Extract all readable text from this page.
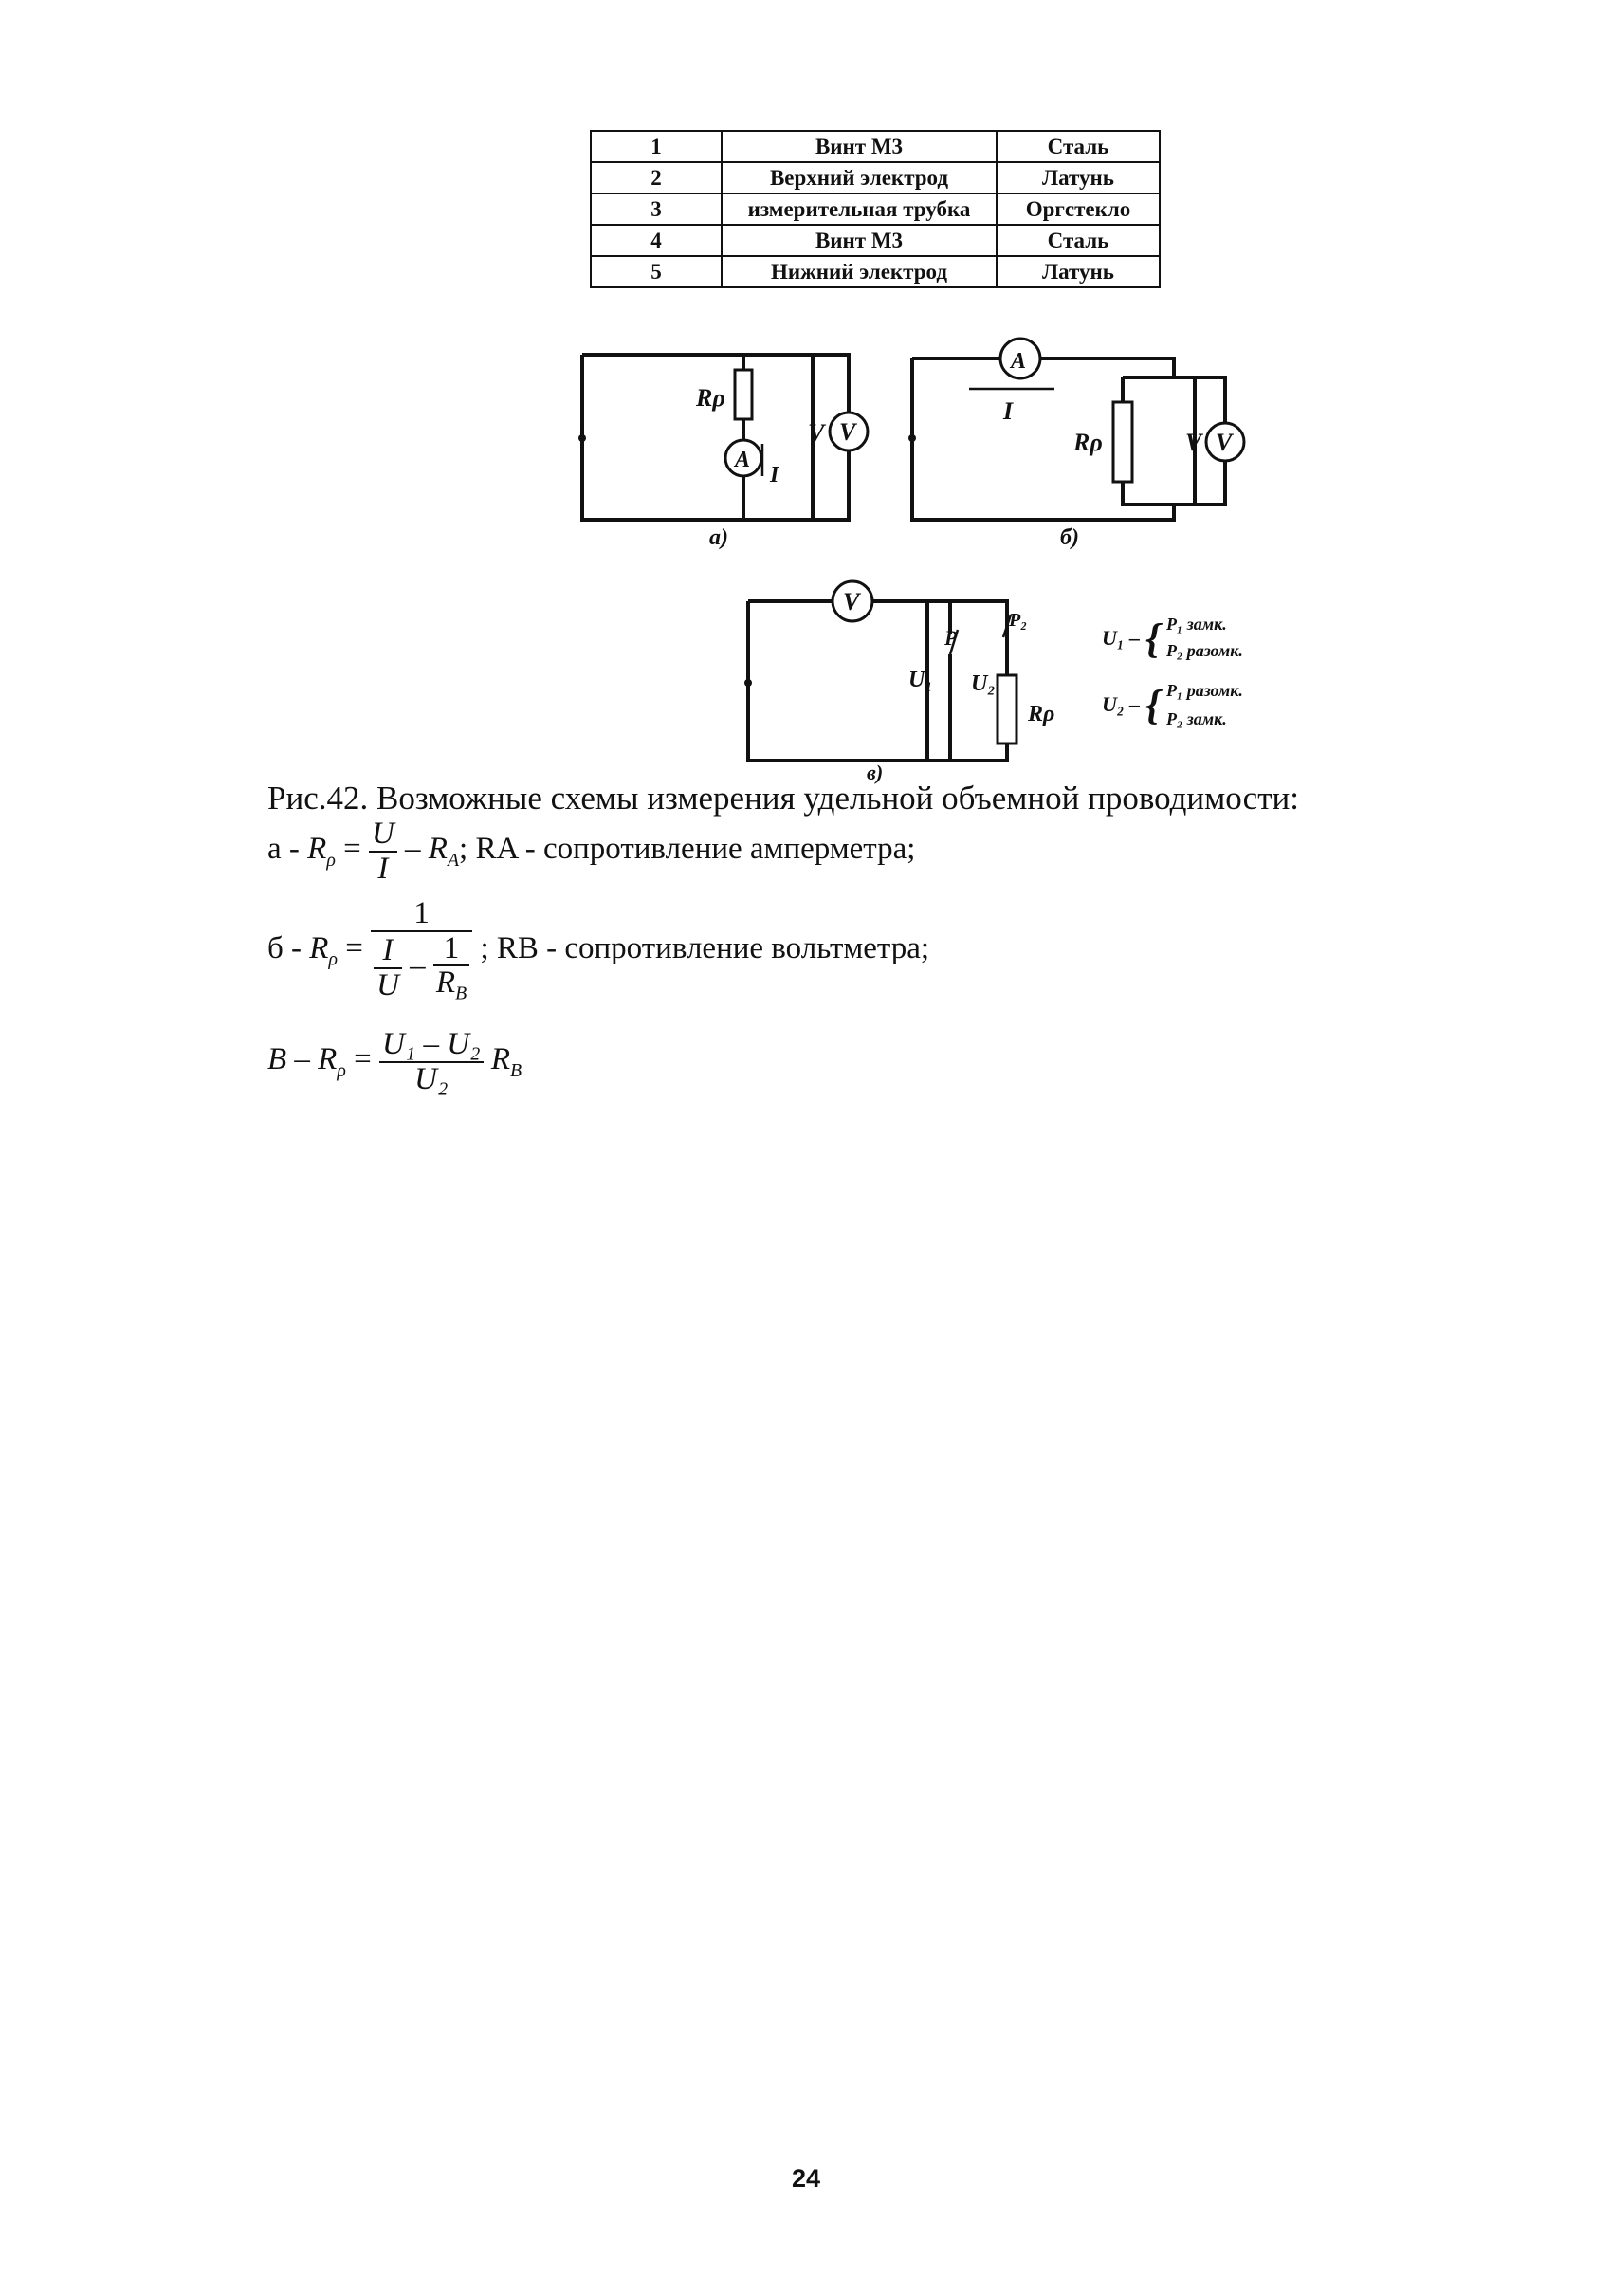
1	Винт М3	Сталь
2	Верхний электрод	Латунь
3	измерительная трубка	Оргстекло
4	Винт М3	Сталь
5	Нижний электрод	Латунь
A
I
Rρ
V
V
а)
A
I
Rρ	V
V
б)
V
P
P₂
U₁ U₂
Rρ
в)
U₁ – { P₁ замк.
P₂ разомк.
U₂ – { P₁ разомк.
P₂ замк.
Рис.42. Возможные схемы измерения удельной объемной проводимости:
$а - R_\rho = \frac{U}{I} - R_A$; RA - сопротивление амперметра;
$б - R_\rho = \frac{1}{\frac{I}{U} - \frac{1}{R_B}}$ ; RB - сопротивление вольтметра;
$B - R_\rho = \frac{\text{U₁ – U₂}}{\text{U₂}} R_B$
24
